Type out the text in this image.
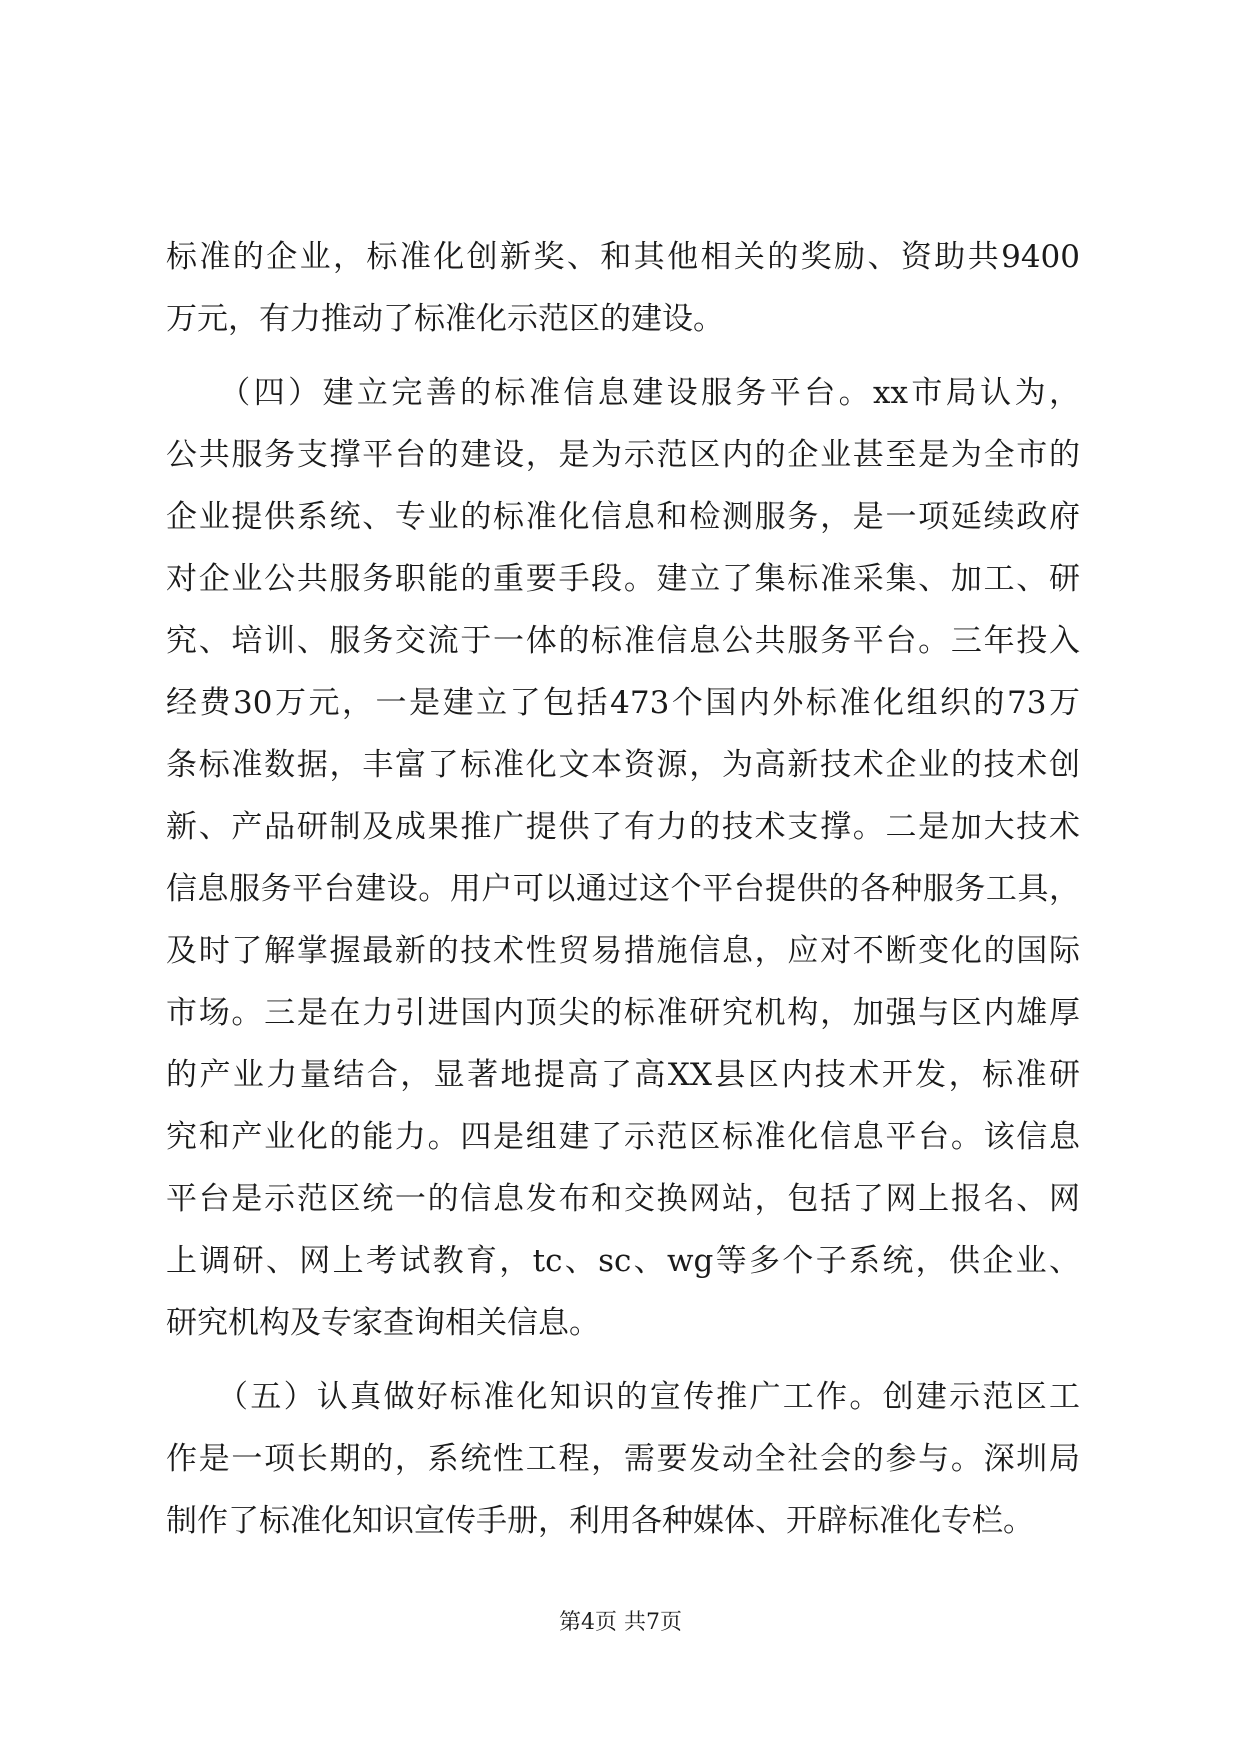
标准的企业，标准化创新奖、和其他相关的奖励、资助共9400
万元，有力推动了标准化示范区的建设。
　　（四）建立完善的标准信息建设服务平台。xx市局认为，
公共服务支撑平台的建设，是为示范区内的企业甚至是为全市的
企业提供系统、专业的标准化信息和检测服务，是一项延续政府
对企业公共服务职能的重要手段。建立了集标准采集、加工、研
究、培训、服务交流于一体的标准信息公共服务平台。三年投入
经费30万元，一是建立了包括473个国内外标准化组织的73万
条标准数据，丰富了标准化文本资源，为高新技术企业的技术创
新、产品研制及成果推广提供了有力的技术支撑。二是加大技术
信息服务平台建设。用户可以通过这个平台提供的各种服务工具，
及时了解掌握最新的技术性贸易措施信息，应对不断变化的国际
市场。三是在力引进国内顶尖的标准研究机构，加强与区内雄厚
的产业力量结合，显著地提高了高XX县区内技术开发，标准研
究和产业化的能力。四是组建了示范区标准化信息平台。该信息
平台是示范区统一的信息发布和交换网站，包括了网上报名、网
上调研、网上考试教育，tc、sc、wg等多个子系统，供企业、
研究机构及专家查询相关信息。
　　（五）认真做好标准化知识的宣传推广工作。创建示范区工
作是一项长期的，系统性工程，需要发动全社会的参与。深圳局
制作了标准化知识宣传手册，利用各种媒体、开辟标准化专栏。
第4页 共7页
